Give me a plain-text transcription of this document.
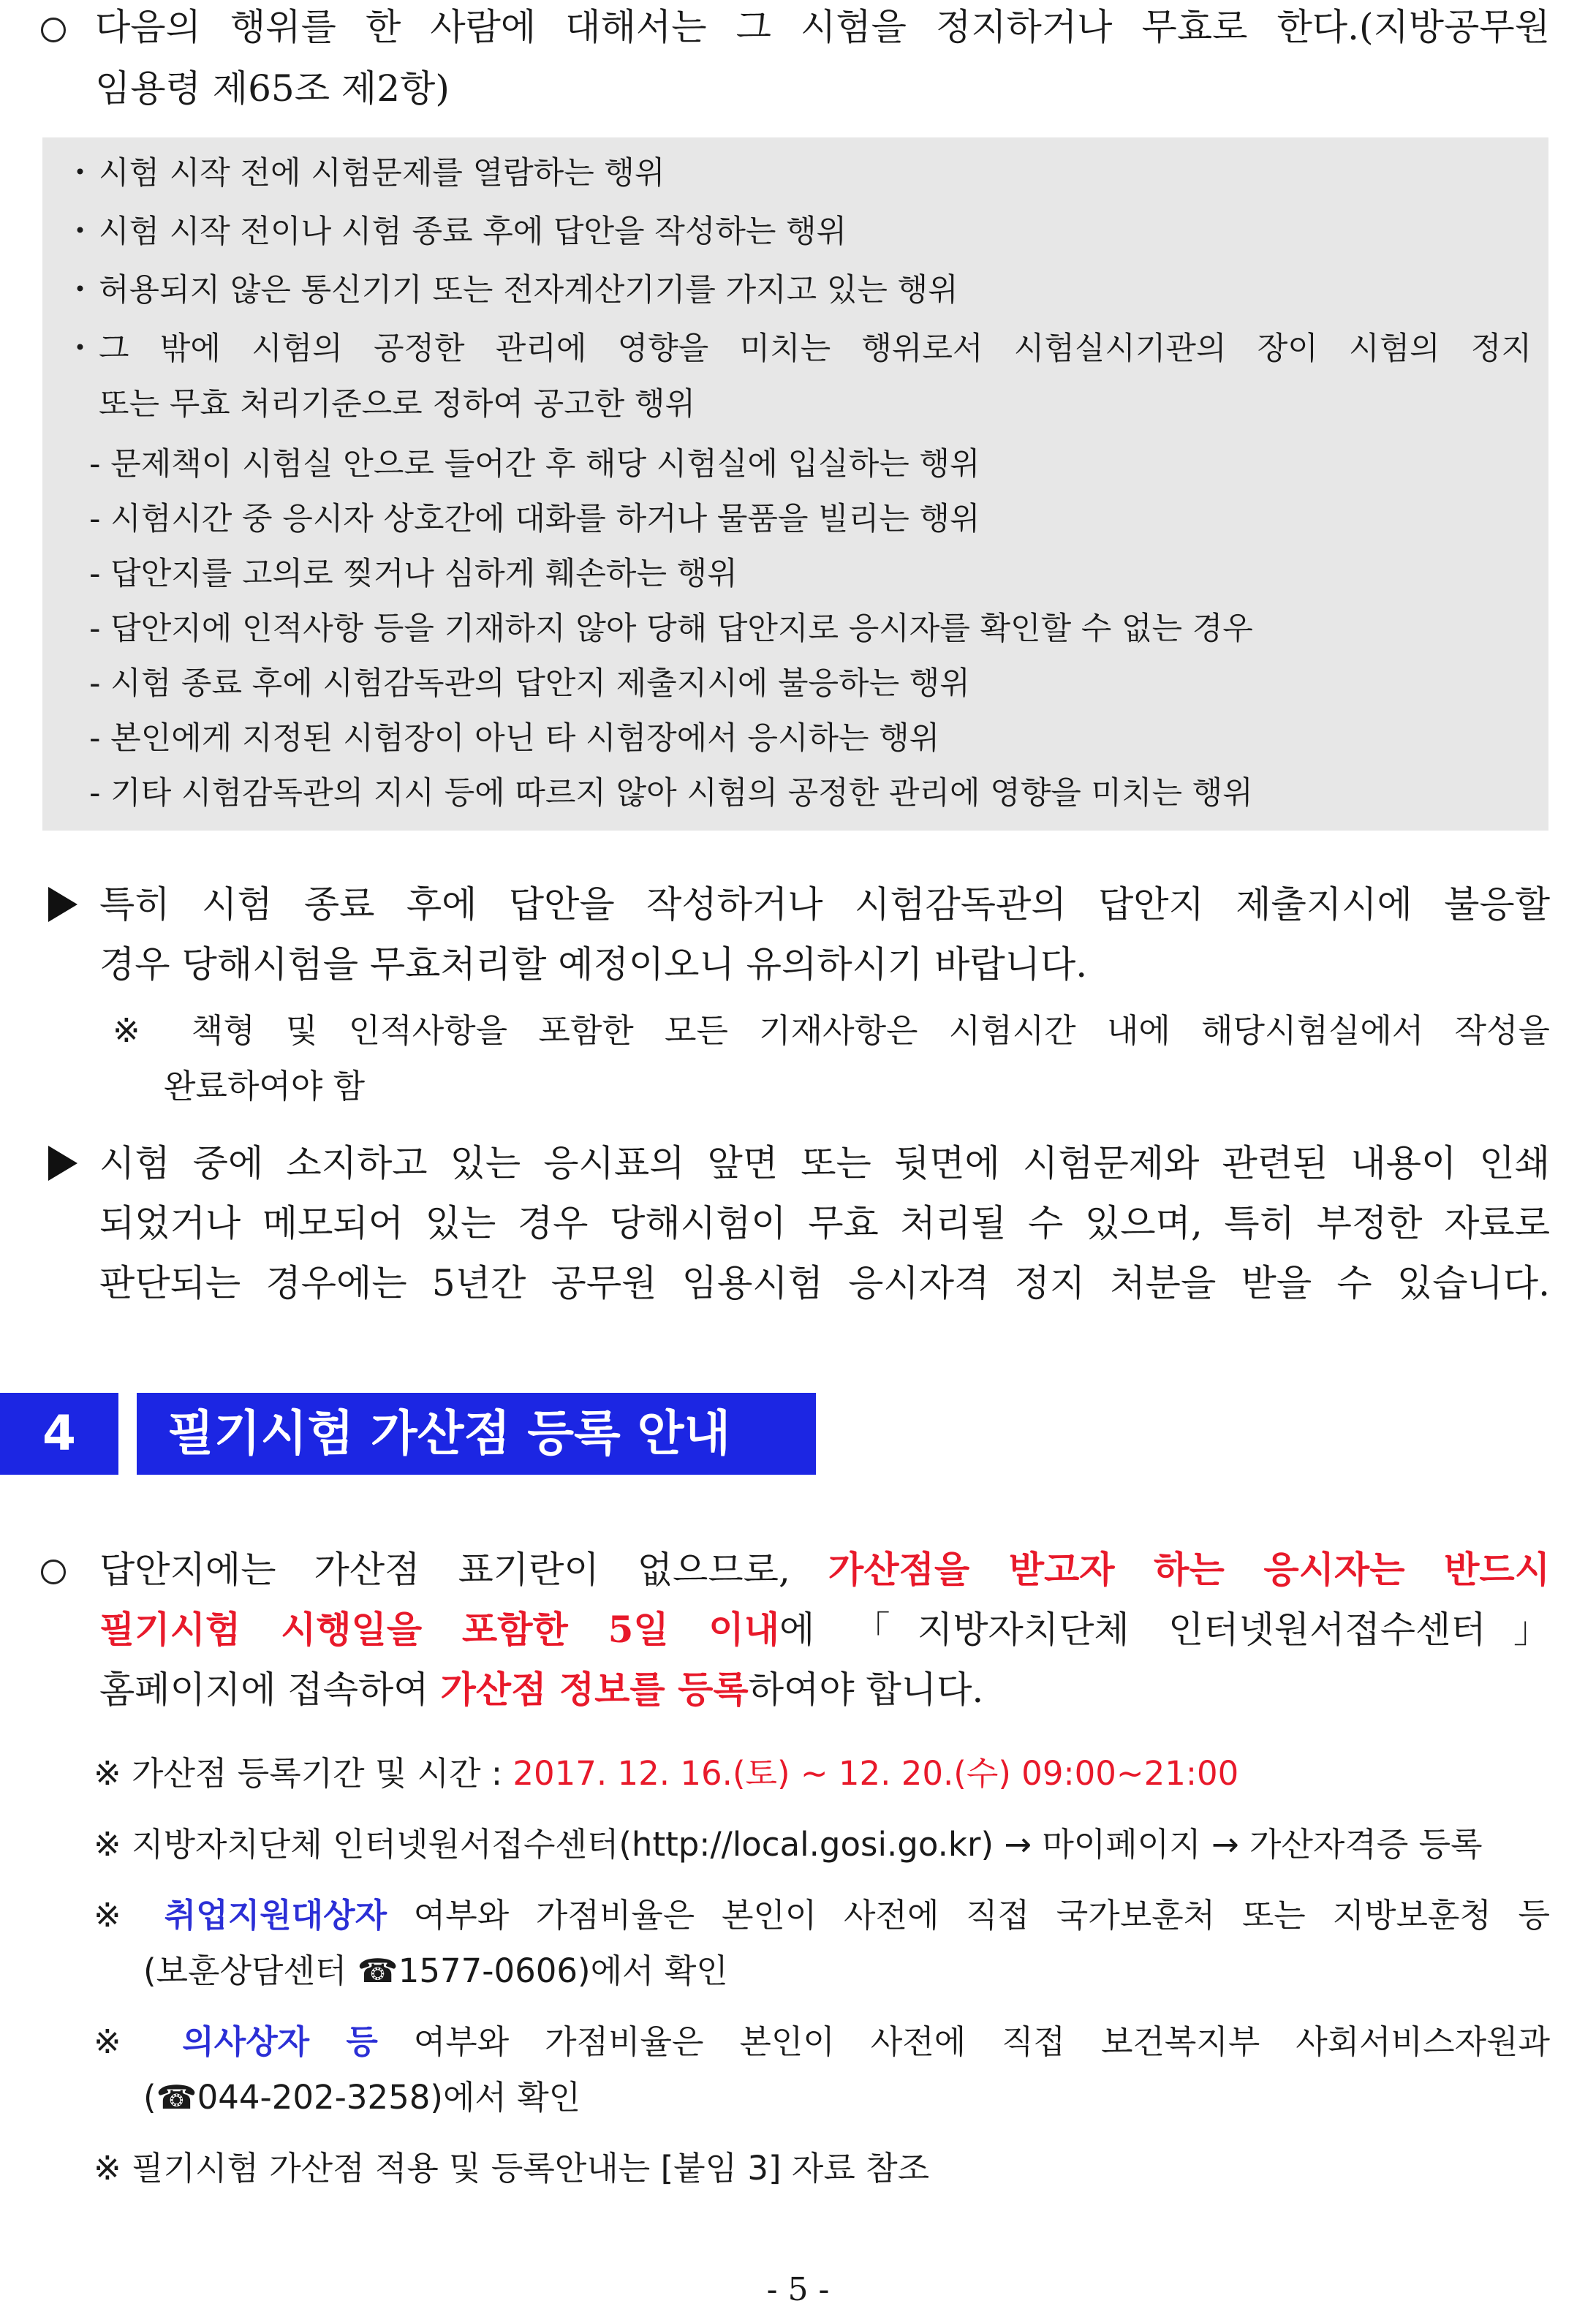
다음의 행위를 한 사람에 대해서는 그 시험을 정지하거나 무효로 한다.(지방공무원
임용령 제65조 제2항)
・ 시험 시작 전에 시험문제를 열람하는 행위
・ 시험 시작 전이나 시험 종료 후에 답안을 작성하는 행위
・ 허용되지 않은 통신기기 또는 전자계산기기를 가지고 있는 행위
・ 그 밖에 시험의 공정한 관리에 영향을 미치는 행위로서 시험실시기관의 장이 시험의 정지
또는 무효 처리기준으로 정하여 공고한 행위
- 문제책이 시험실 안으로 들어간 후 해당 시험실에 입실하는 행위
- 시험시간 중 응시자 상호간에 대화를 하거나 물품을 빌리는 행위
- 답안지를 고의로 찢거나 심하게 훼손하는 행위
- 답안지에 인적사항 등을 기재하지 않아 당해 답안지로 응시자를 확인할 수 없는 경우
- 시험 종료 후에 시험감독관의 답안지 제출지시에 불응하는 행위
- 본인에게 지정된 시험장이 아닌 타 시험장에서 응시하는 행위
- 기타 시험감독관의 지시 등에 따르지 않아 시험의 공정한 관리에 영향을 미치는 행위
특히 시험 종료 후에 답안을 작성하거나 시험감독관의 답안지 제출지시에 불응할
경우 당해시험을 무효처리할 예정이오니 유의하시기 바랍니다.
※ 책형 및 인적사항을 포함한 모든 기재사항은 시험시간 내에 해당시험실에서 작성을
완료하여야 함
시험 중에 소지하고 있는 응시표의 앞면 또는 뒷면에 시험문제와 관련된 내용이 인쇄
되었거나 메모되어 있는 경우 당해시험이 무효 처리될 수 있으며, 특히 부정한 자료로
판단되는 경우에는 5년간 공무원 임용시험 응시자격 정지 처분을 받을 수 있습니다.
4	필기시험 가산점 등록 안내
답안지에는 가산점 표기란이 없으므로, 가산점을 받고자 하는 응시자는 반드시
필기시험 시행일을 포함한 5일 이내에 「지방자치단체 인터넷원서접수센터」
홈페이지에 접속하여 가산점 정보를 등록하여야 합니다.
※ 가산점 등록기간 및 시간 : 2017. 12. 16.(토) ~ 12. 20.(수) 09:00~21:00
※ 지방자치단체 인터넷원서접수센터(http://local.gosi.go.kr) → 마이페이지 → 가산자격증 등록
※ 취업지원대상자 여부와 가점비율은 본인이 사전에 직접 국가보훈처 또는 지방보훈청 등
(보훈상담센터 ☎1577-0606)에서 확인
※ 의사상자 등 여부와 가점비율은 본인이 사전에 직접 보건복지부 사회서비스자원과
(☎044-202-3258)에서 확인
※ 필기시험 가산점 적용 및 등록안내는 [붙임 3] 자료 참조
- 5 -
